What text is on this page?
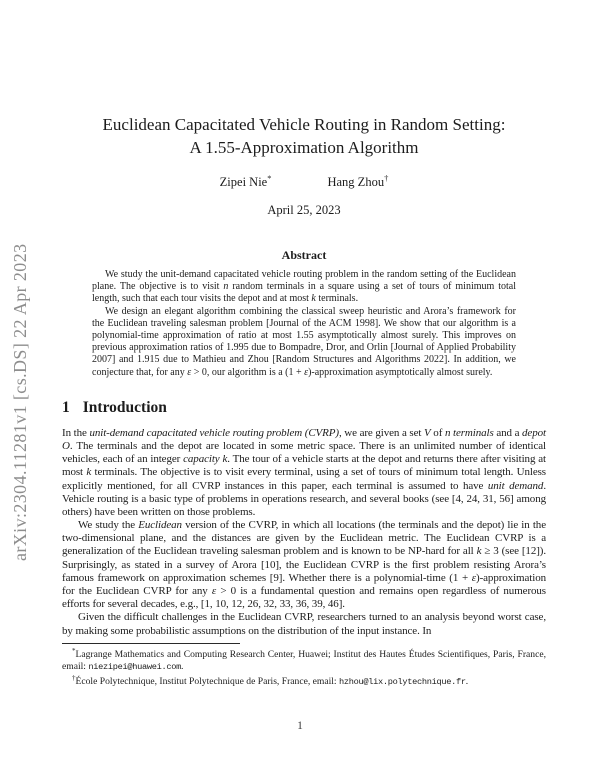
arXiv:2304.11281v1 [cs.DS] 22 Apr 2023
Euclidean Capacitated Vehicle Routing in Random Setting:
A 1.55-Approximation Algorithm
Zipei Nie*	Hang Zhou†
April 25, 2023
Abstract

We study the unit-demand capacitated vehicle routing problem in the random setting of the Euclidean plane. The objective is to visit n random terminals in a square using a set of tours of minimum total length, such that each tour visits the depot and at most k terminals.

We design an elegant algorithm combining the classical sweep heuristic and Arora’s framework for the Euclidean traveling salesman problem [Journal of the ACM 1998]. We show that our algorithm is a polynomial-time approximation of ratio at most 1.55 asymptotically almost surely. This improves on previous approximation ratios of 1.995 due to Bompadre, Dror, and Orlin [Journal of Applied Probability 2007] and 1.915 due to Mathieu and Zhou [Random Structures and Algorithms 2022]. In addition, we conjecture that, for any ε > 0, our algorithm is a (1 + ε)-approximation asymptotically almost surely.

1 Introduction

In the unit-demand capacitated vehicle routing problem (CVRP), we are given a set V of n terminals and a depot O. The terminals and the depot are located in some metric space. There is an unlimited number of identical vehicles, each of an integer capacity k. The tour of a vehicle starts at the depot and returns there after visiting at most k terminals. The objective is to visit every terminal, using a set of tours of minimum total length. Unless explicitly mentioned, for all CVRP instances in this paper, each terminal is assumed to have unit demand. Vehicle routing is a basic type of problems in operations research, and several books (see [4, 24, 31, 56] among others) have been written on those problems.

We study the Euclidean version of the CVRP, in which all locations (the terminals and the depot) lie in the two-dimensional plane, and the distances are given by the Euclidean metric. The Euclidean CVRP is a generalization of the Euclidean traveling salesman problem and is known to be NP-hard for all k ≥ 3 (see [12]). Surprisingly, as stated in a survey of Arora [10], the Euclidean CVRP is the first problem resisting Arora’s famous framework on approximation schemes [9]. Whether there is a polynomial-time (1 + ε)-approximation for the Euclidean CVRP for any ε > 0 is a fundamental question and remains open regardless of numerous efforts for several decades, e.g., [1, 10, 12, 26, 32, 33, 36, 39, 46].

Given the difficult challenges in the Euclidean CVRP, researchers turned to an analysis beyond worst case, by making some probabilistic assumptions on the distribution of the input instance. In

*Lagrange Mathematics and Computing Research Center, Huawei; Institut des Hautes Études Scientifiques, Paris, France, email: niezipei@huawei.com.

†École Polytechnique, Institut Polytechnique de Paris, France, email: hzhou@lix.polytechnique.fr.

1
